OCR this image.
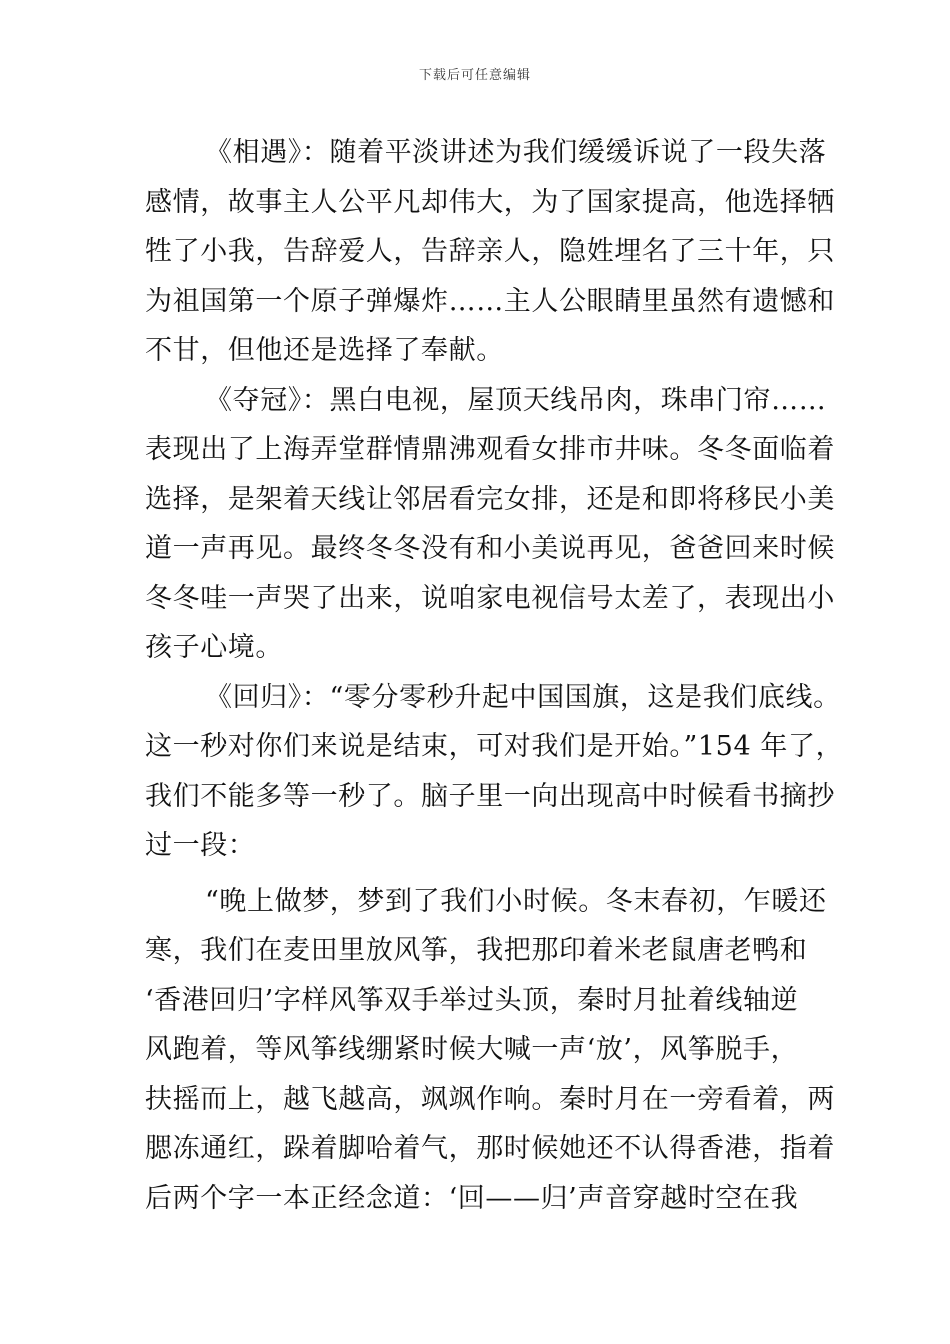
下载后可任意编辑
《相遇》：随着平淡讲述为我们缓缓诉说了一段失落
感情，故事主人公平凡却伟大，为了国家提高，他选择牺
牲了小我，告辞爱人，告辞亲人，隐姓埋名了三十年，只
为祖国第一个原子弹爆炸……主人公眼睛里虽然有遗憾和
不甘，但他还是选择了奉献。
《夺冠》：黑白电视，屋顶天线吊肉，珠串门帘……
表现出了上海弄堂群情鼎沸观看女排市井味。冬冬面临着
选择，是架着天线让邻居看完女排，还是和即将移民小美
道一声再见。最终冬冬没有和小美说再见，爸爸回来时候
冬冬哇一声哭了出来，说咱家电视信号太差了，表现出小
孩子心境。
《回归》：“零分零秒升起中国国旗，这是我们底线。
这一秒对你们来说是结束，可对我们是开始。”154 年了，
我们不能多等一秒了。脑子里一向出现高中时候看书摘抄
过一段：
“晚上做梦，梦到了我们小时候。冬末春初，乍暖还
寒，我们在麦田里放风筝，我把那印着米老鼠唐老鸭和
‘香港回归’字样风筝双手举过头顶，秦时月扯着线轴逆
风跑着，等风筝线绷紧时候大喊一声‘放’，风筝脱手，
扶摇而上，越飞越高，飒飒作响。秦时月在一旁看着，两
腮冻通红，跺着脚哈着气，那时候她还不认得香港，指着
后两个字一本正经念道：‘回——归’声音穿越时空在我
